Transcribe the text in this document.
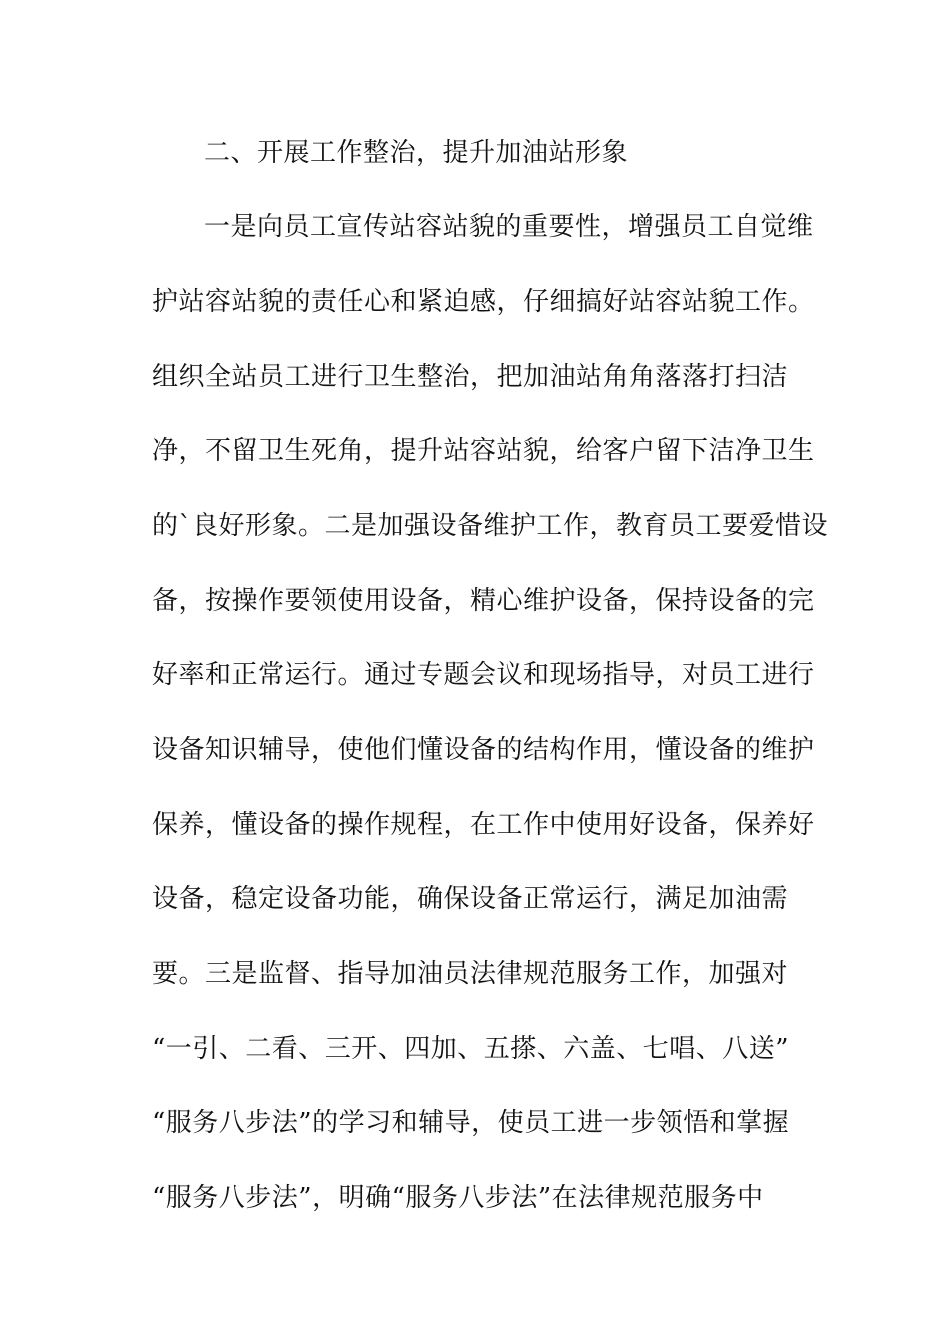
二、开展工作整治，提升加油站形象
一是向员工宣传站容站貌的重要性，增强员工自觉维
护站容站貌的责任心和紧迫感，仔细搞好站容站貌工作。
组织全站员工进行卫生整治，把加油站角角落落打扫洁
净，不留卫生死角，提升站容站貌，给客户留下洁净卫生
的`良好形象。二是加强设备维护工作，教育员工要爱惜设
备，按操作要领使用设备，精心维护设备，保持设备的完
好率和正常运行。通过专题会议和现场指导，对员工进行
设备知识辅导，使他们懂设备的结构作用，懂设备的维护
保养，懂设备的操作规程，在工作中使用好设备，保养好
设备，稳定设备功能，确保设备正常运行，满足加油需
要。三是监督、指导加油员法律规范服务工作，加强对
“一引、二看、三开、四加、五搽、六盖、七唱、八送”
“服务八步法”的学习和辅导，使员工进一步领悟和掌握
“服务八步法”，明确“服务八步法”在法律规范服务中
